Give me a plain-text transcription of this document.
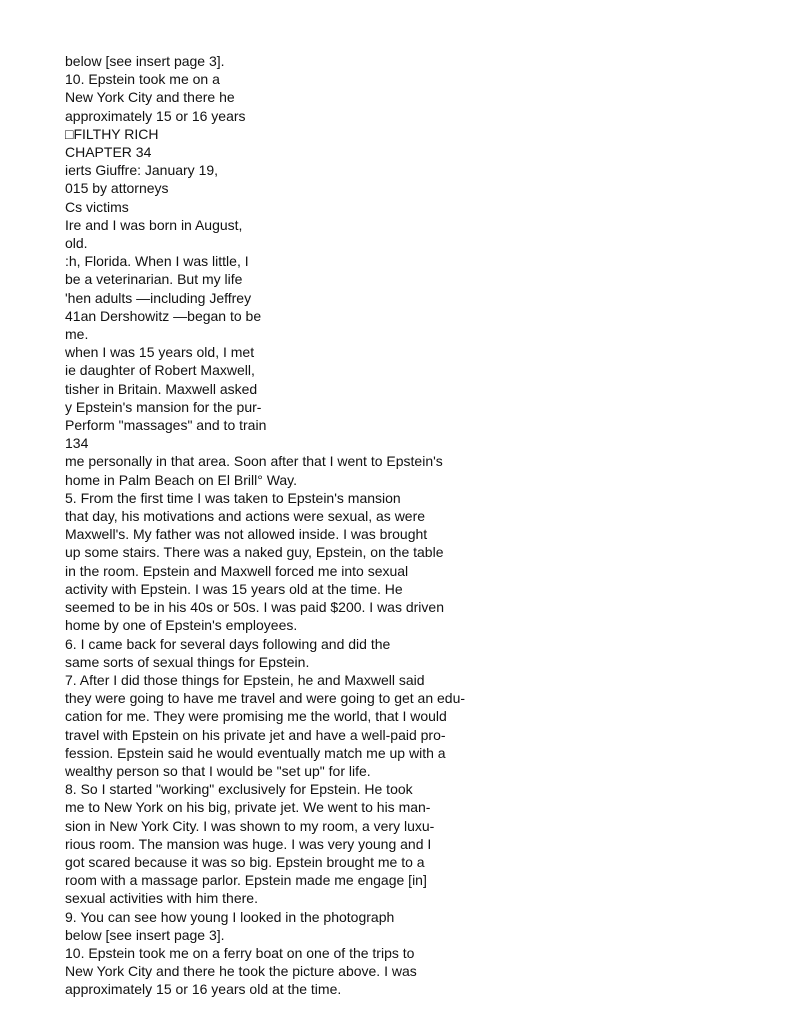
below [see insert page 3].
10. Epstein took me on a
New York City and there he
approximately 15 or 16 years
□FILTHY RICH
CHAPTER 34
ierts Giuffre: January 19,
015 by attorneys
Cs victims
Ire and I was born in August,
old.
:h, Florida. When I was little, I
be a veterinarian. But my life
'hen adults —including Jeffrey
41an Dershowitz —began to be
me.
when I was 15 years old, I met
ie daughter of Robert Maxwell,
tisher in Britain. Maxwell asked
y Epstein's mansion for the pur-
Perform "massages" and to train
134
me personally in that area. Soon after that I went to Epstein's
home in Palm Beach on El Brill° Way.
5. From the first time I was taken to Epstein's mansion
that day, his motivations and actions were sexual, as were
Maxwell's. My father was not allowed inside. I was brought
up some stairs. There was a naked guy, Epstein, on the table
in the room. Epstein and Maxwell forced me into sexual
activity with Epstein. I was 15 years old at the time. He
seemed to be in his 40s or 50s. I was paid $200. I was driven
home by one of Epstein's employees.
6. I came back for several days following and did the
same sorts of sexual things for Epstein.
7. After I did those things for Epstein, he and Maxwell said
they were going to have me travel and were going to get an edu-
cation for me. They were promising me the world, that I would
travel with Epstein on his private jet and have a well-paid pro-
fession. Epstein said he would eventually match me up with a
wealthy person so that I would be "set up" for life.
8. So I started "working" exclusively for Epstein. He took
me to New York on his big, private jet. We went to his man-
sion in New York City. I was shown to my room, a very luxu-
rious room. The mansion was huge. I was very young and I
got scared because it was so big. Epstein brought me to a
room with a massage parlor. Epstein made me engage [in]
sexual activities with him there.
9. You can see how young I looked in the photograph
below [see insert page 3].
10. Epstein took me on a ferry boat on one of the trips to
New York City and there he took the picture above. I was
approximately 15 or 16 years old at the time.
